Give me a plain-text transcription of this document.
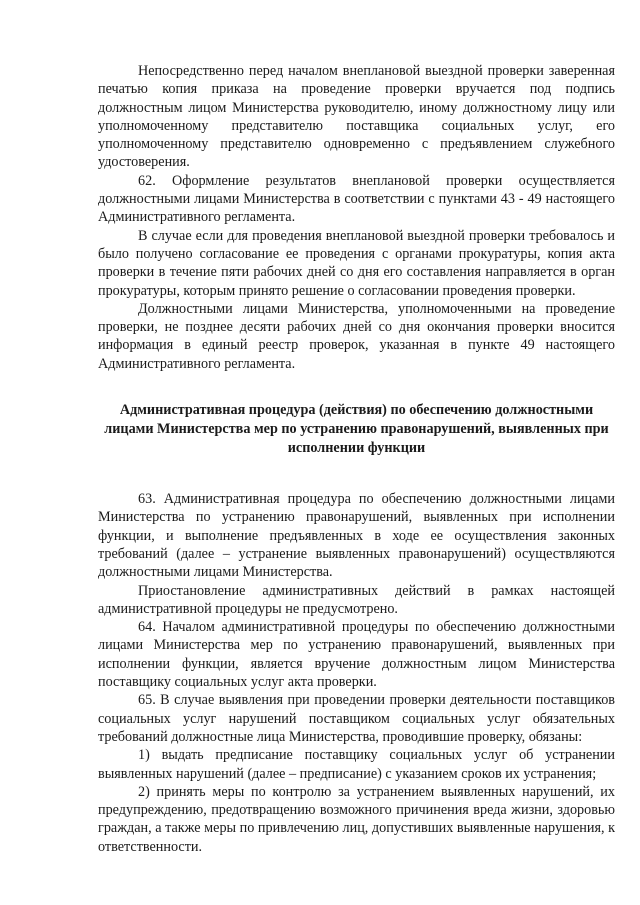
Непосредственно перед началом внеплановой выездной проверки заверенная печатью копия приказа на проведение проверки вручается под подпись должностным лицом Министерства руководителю, иному должностному лицу или уполномоченному представителю поставщика социальных услуг, его уполномоченному представителю одновременно с предъявлением служебного удостоверения.

62. Оформление результатов внеплановой проверки осуществляется должностными лицами Министерства в соответствии с пунктами 43 - 49 настоящего Административного регламента.

В случае если для проведения внеплановой выездной проверки требовалось и было получено согласование ее проведения с органами прокуратуры, копия акта проверки в течение пяти рабочих дней со дня его составления направляется в орган прокуратуры, которым принято решение о согласовании проведения проверки.

Должностными лицами Министерства, уполномоченными на проведение проверки, не позднее десяти рабочих дней со дня окончания проверки вносится информация в единый реестр проверок, указанная в пункте 49 настоящего Административного регламента.

Административная процедура (действия) по обеспечению должностными лицами Министерства мер по устранению правонарушений, выявленных при исполнении функции

63. Административная процедура по обеспечению должностными лицами Министерства по устранению правонарушений, выявленных при исполнении функции, и выполнение предъявленных в ходе ее осуществления законных требований (далее – устранение выявленных правонарушений) осуществляются должностными лицами Министерства.

Приостановление административных действий в рамках настоящей административной процедуры не предусмотрено.

64. Началом административной процедуры по обеспечению должностными лицами Министерства мер по устранению правонарушений, выявленных при исполнении функции, является вручение должностным лицом Министерства поставщику социальных услуг акта проверки.

65. В случае выявления при проведении проверки деятельности поставщиков социальных услуг нарушений поставщиком социальных услуг обязательных требований должностные лица Министерства, проводившие проверку, обязаны:

1) выдать предписание поставщику социальных услуг об устранении выявленных нарушений (далее – предписание) с указанием сроков их устранения;

2) принять меры по контролю за устранением выявленных нарушений, их предупреждению, предотвращению возможного причинения вреда жизни, здоровью граждан, а также меры по привлечению лиц, допустивших выявленные нарушения, к ответственности.
